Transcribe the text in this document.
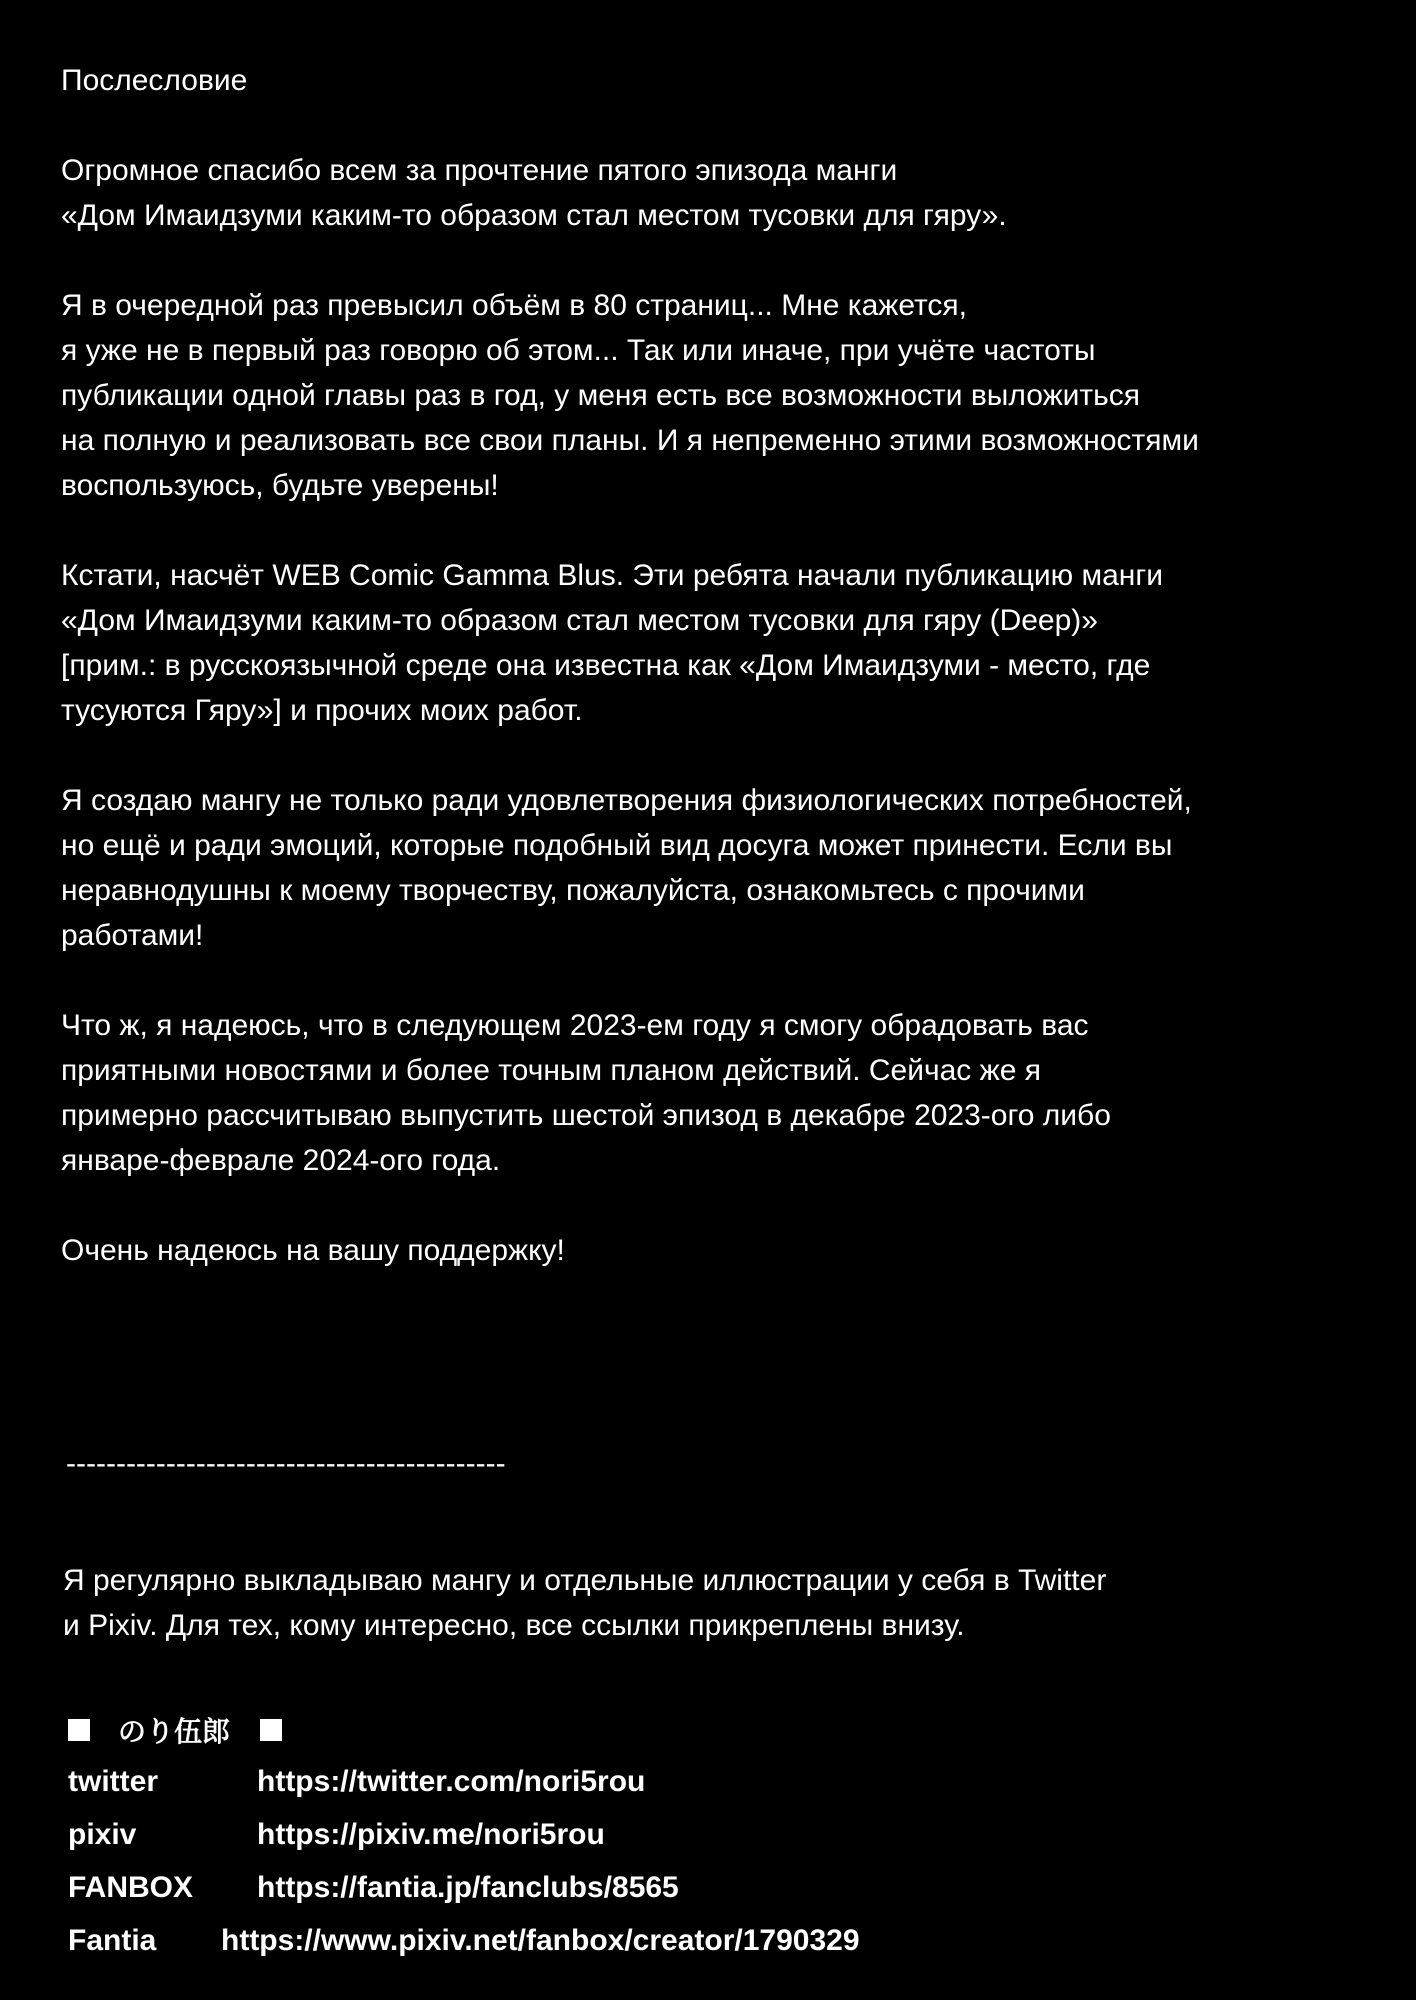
Послесловие

Огромное спасибо всем за прочтение пятого эпизода манги
«Дом Имаидзуми каким-то образом стал местом тусовки для гяру».

Я в очередной раз превысил объём в 80 страниц... Мне кажется,
я уже не в первый раз говорю об этом... Так или иначе, при учёте частоты
публикации одной главы раз в год, у меня есть все возможности выложиться
на полную и реализовать все свои планы. И я непременно этими возможностями
воспользуюсь, будьте уверены!

Кстати, насчёт WEB Comic Gamma Blus. Эти ребята начали публикацию манги
«Дом Имаидзуми каким-то образом стал местом тусовки для гяру (Deep)»
[прим.: в русскоязычной среде она известна как «Дом Имаидзуми - место, где
тусуются Гяру»] и прочих моих работ.

Я создаю мангу не только ради удовлетворения физиологических потребностей,
но ещё и ради эмоций, которые подобный вид досуга может принести. Если вы
неравнодушны к моему творчеству, пожалуйста, ознакомьтесь с прочими
работами!

Что ж, я надеюсь, что в следующем 2023-ем году я смогу обрадовать вас
приятными новостями и более точным планом действий. Сейчас же я
примерно рассчитываю выпустить шестой эпизод в декабре 2023-ого либо
январе-феврале 2024-ого года.

Очень надеюсь на вашу поддержку!

--------------------------------------------

Я регулярно выкладываю мангу и отдельные иллюстрации у себя в Twitter
и Pixiv. Для тех, кому интересно, все ссылки прикреплены внизу.

のり伍郎
twitter	https://twitter.com/nori5rou
pixiv	https://pixiv.me/nori5rou
FANBOX https://fantia.jp/fanclubs/8565
Fantia https://www.pixiv.net/fanbox/creator/1790329
